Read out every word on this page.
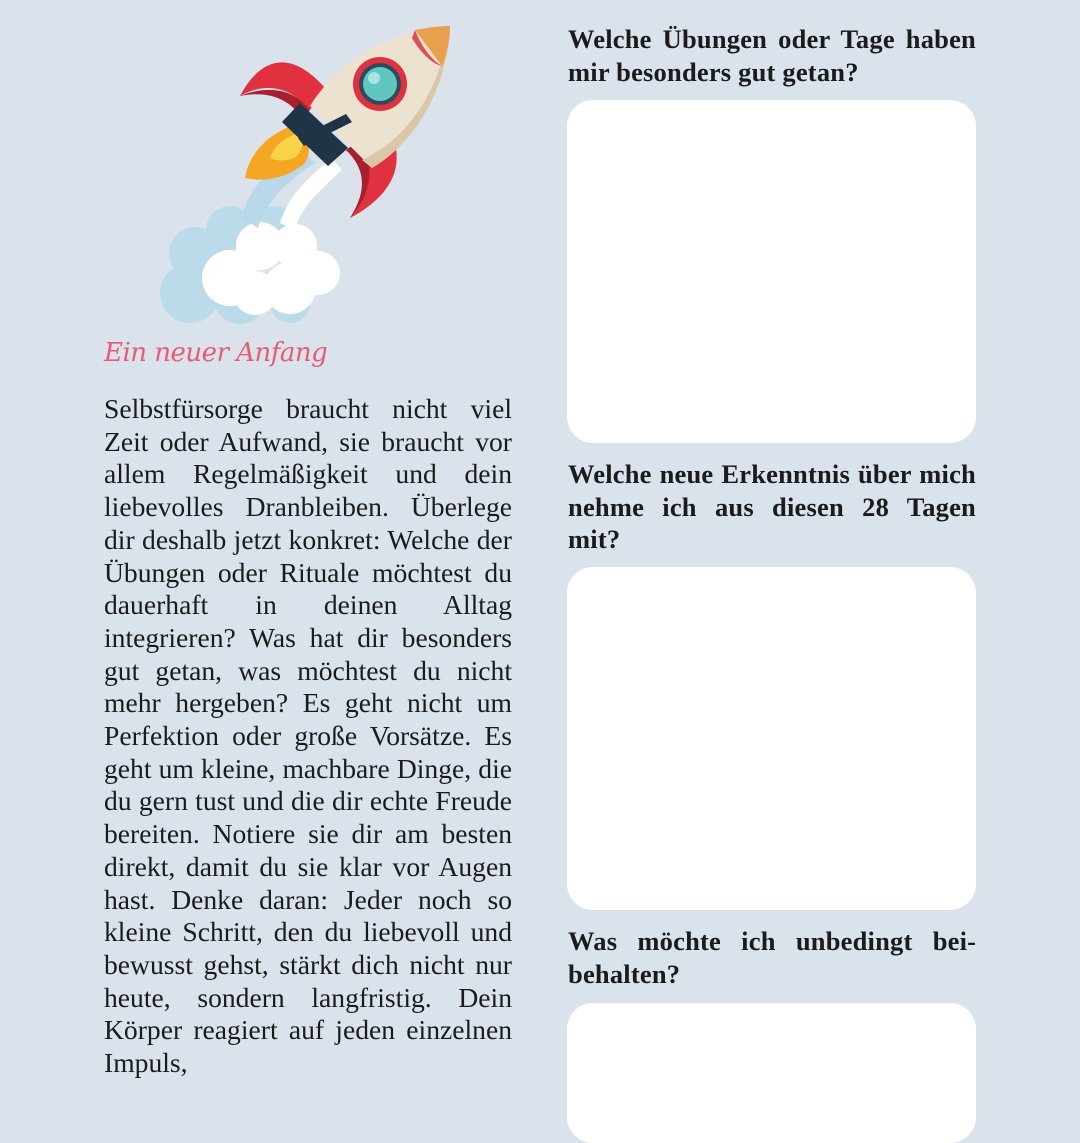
Ein neuer Anfang

Selbstfürsorge braucht nicht viel Zeit oder Aufwand, sie braucht vor allem Regelmäßigkeit und dein liebevolles Dranbleiben. Überlege dir deshalb jetzt konkret: Welche der Übungen oder Rituale möchtest du dauerhaft in deinen Alltag integrieren? Was hat dir besonders gut getan, was möchtest du nicht mehr hergeben? Es geht nicht um Perfektion oder große Vorsätze. Es geht um kleine, machbare Dinge, die du gern tust und die dir echte Freude bereiten. Notiere sie dir am besten direkt, damit du sie klar vor Augen hast. Denke daran: Jeder noch so kleine Schritt, den du liebevoll und bewusst gehst, stärkt dich nicht nur heute, sondern langfristig. Dein Körper reagiert auf jeden einzelnen Impuls,

Welche Übungen oder Tage haben mir besonders gut getan?

Welche neue Erkenntnis über mich nehme ich aus diesen 28 Tagen mit?

Was möchte ich unbedingt beibehalten?
